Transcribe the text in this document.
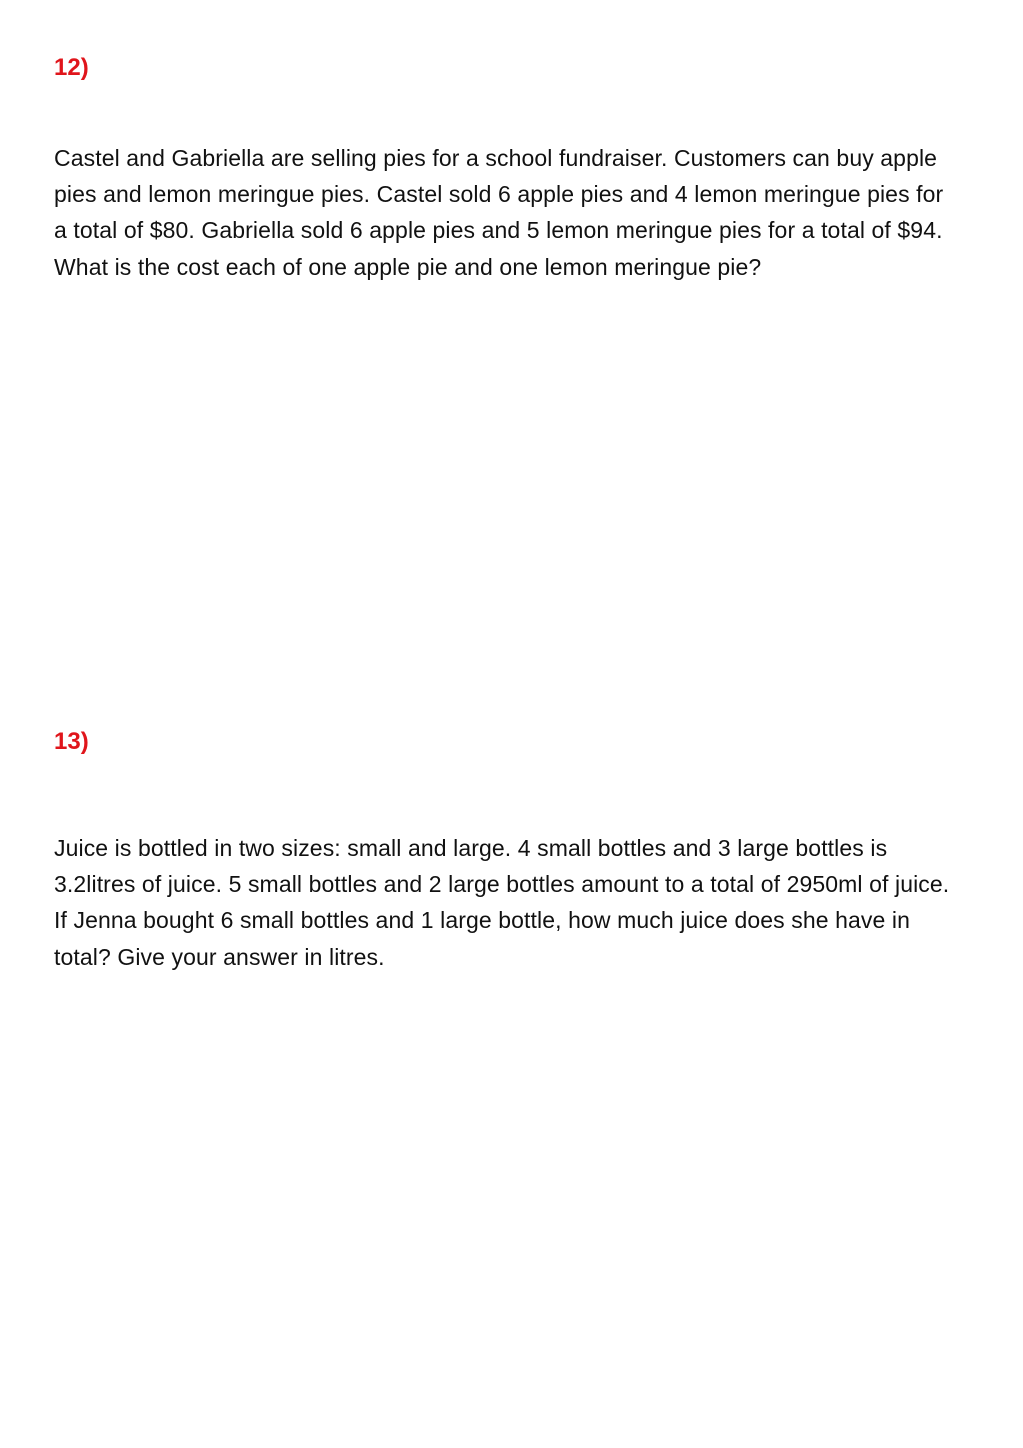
12)

Castel and Gabriella are selling pies for a school fundraiser. Customers can buy apple pies and lemon meringue pies. Castel sold 6 apple pies and 4 lemon meringue pies for a total of $80. Gabriella sold 6 apple pies and 5 lemon meringue pies for a total of $94. What is the cost each of one apple pie and one lemon meringue pie?

13)

Juice is bottled in two sizes: small and large. 4 small bottles and 3 large bottles is 3.2litres of juice. 5 small bottles and 2 large bottles amount to a total of 2950ml of juice. If Jenna bought 6 small bottles and 1 large bottle, how much juice does she have in total? Give your answer in litres.
